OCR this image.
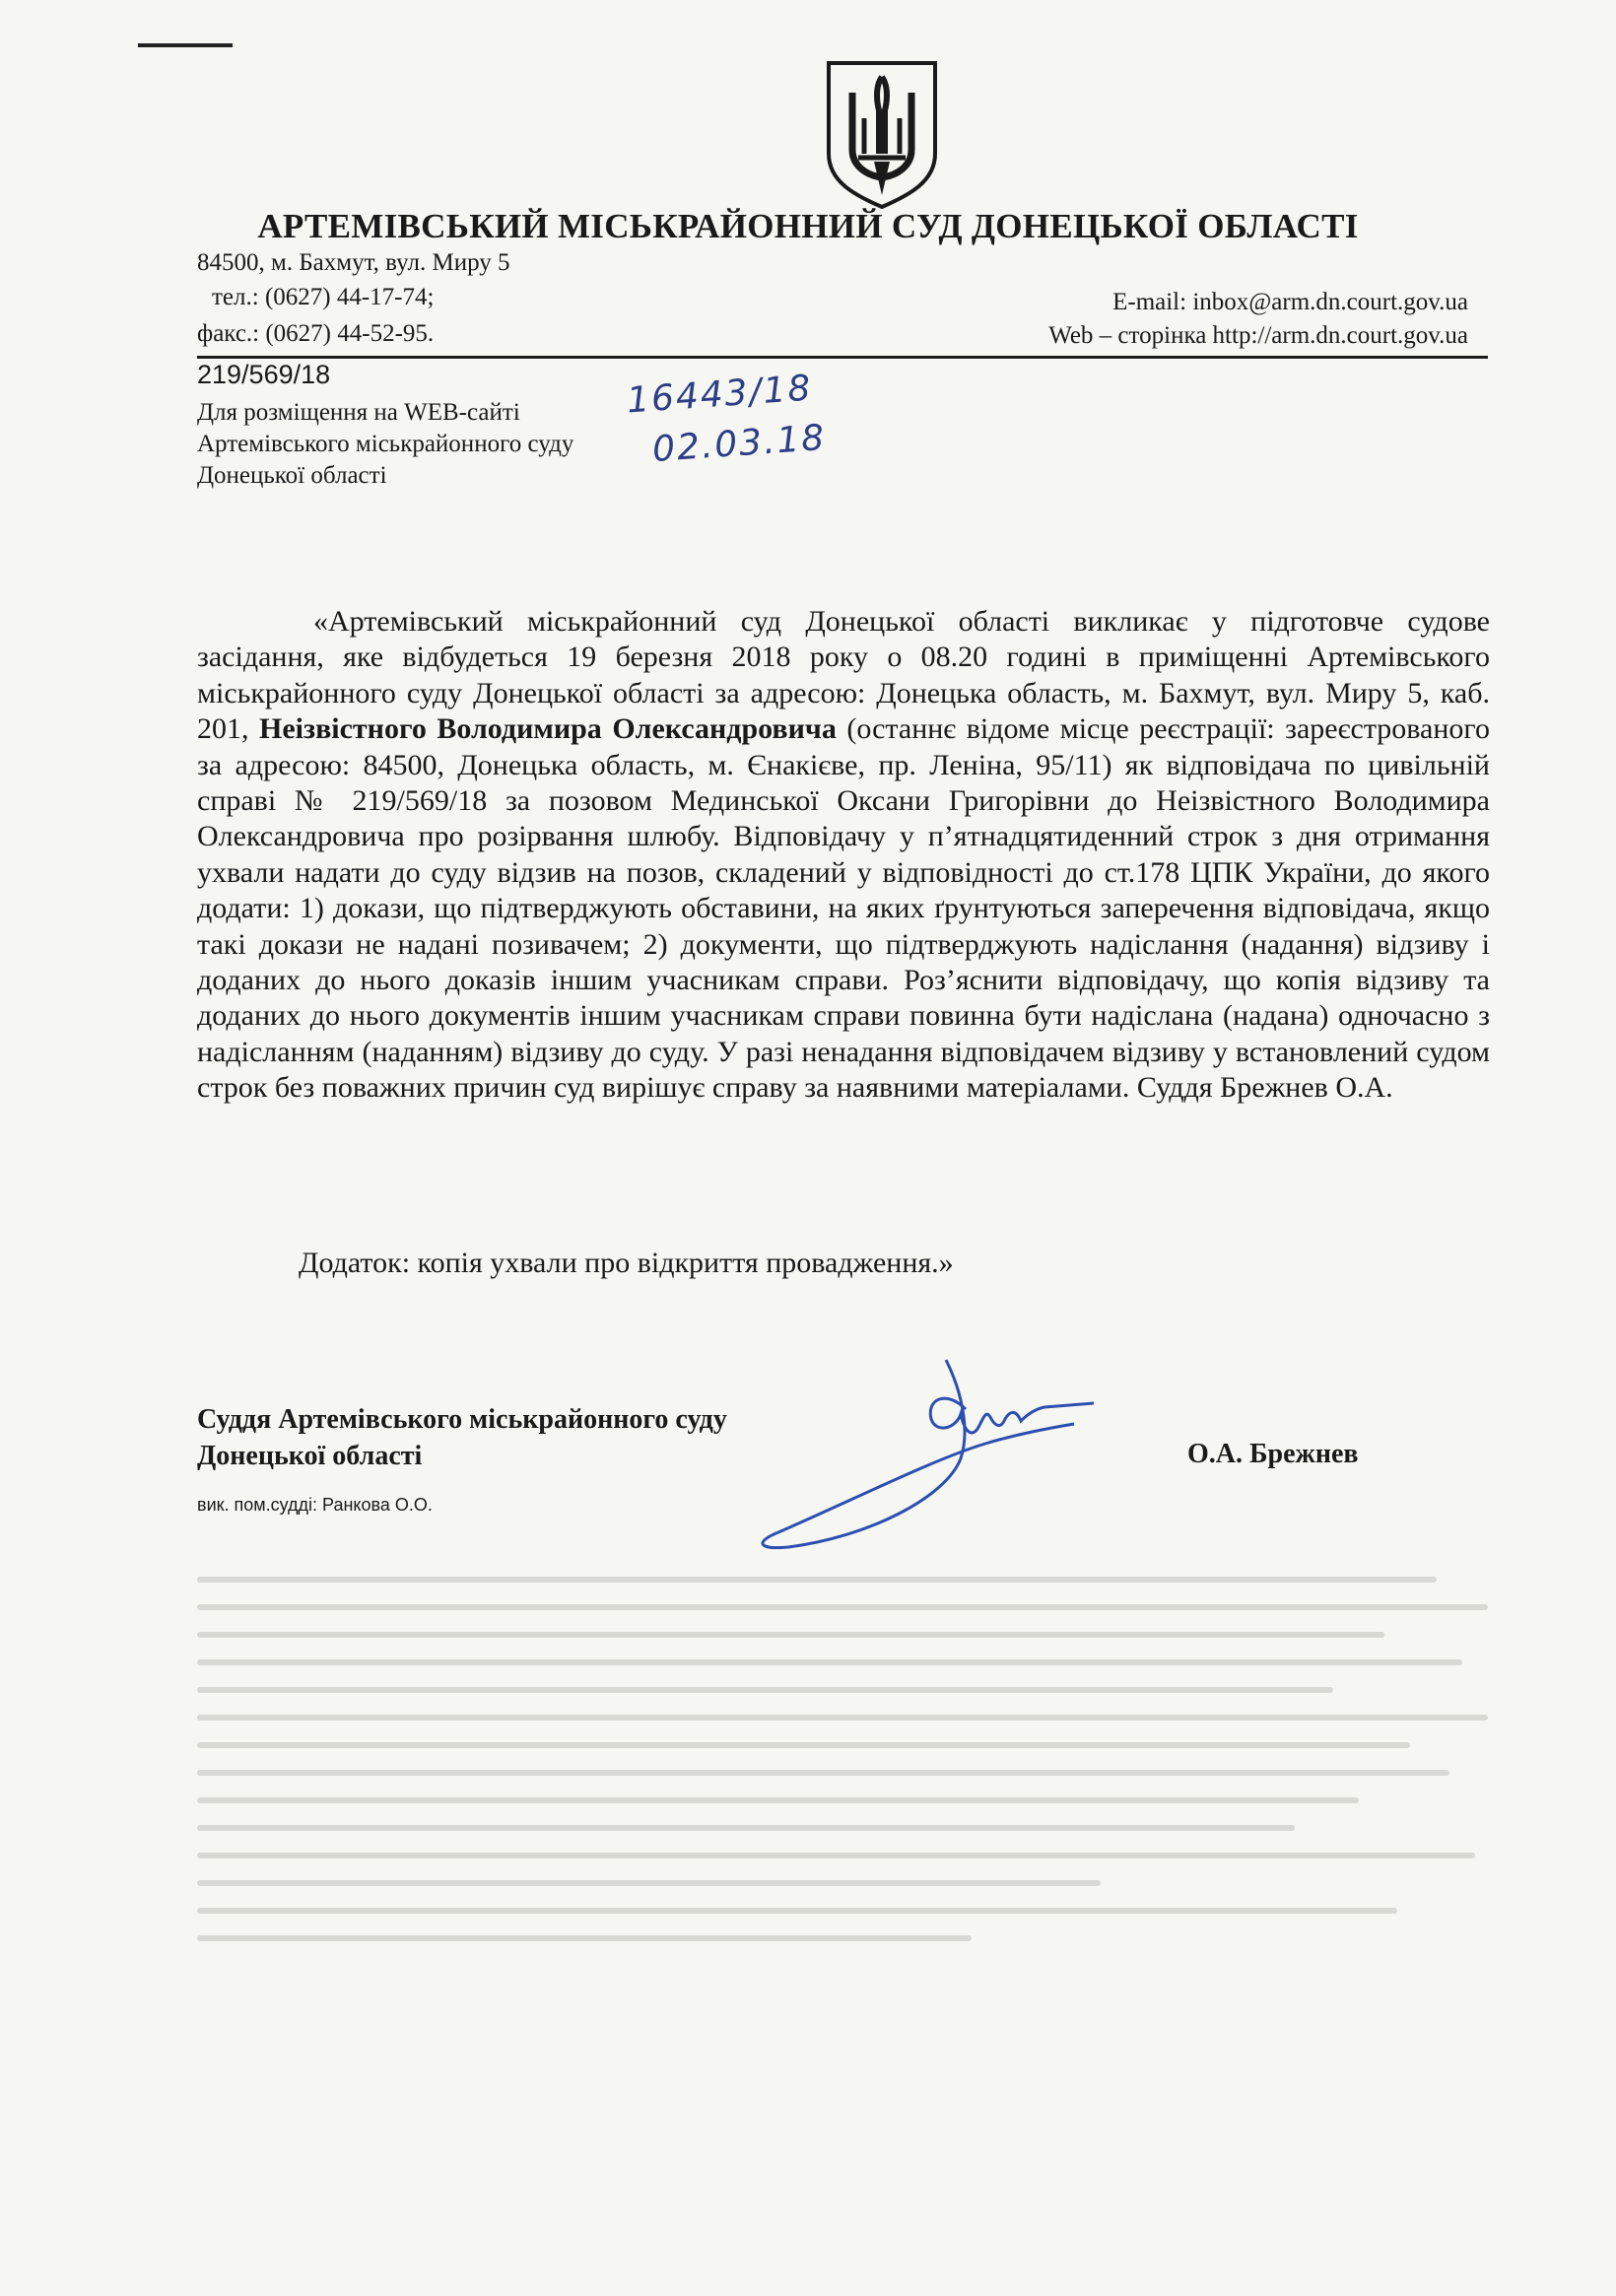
АРТЕМІВСЬКИЙ МІСЬКРАЙОННИЙ СУД ДОНЕЦЬКОЇ ОБЛАСТІ
84500, м. Бахмут, вул. Миру 5
тел.: (0627) 44-17-74;
факс.: (0627) 44-52-95.
E-mail: inbox@arm.dn.court.gov.ua
Web – сторінка http://arm.dn.court.gov.ua
219/569/18
Для розміщення на WEB-сайті Артемівського міськрайонного суду Донецької області
16443/18
02.03.18

«Артемівський міськрайонний суд Донецької області викликає у підготовче судове засідання, яке відбудеться 19 березня 2018 року о 08.20 годині в приміщенні Артемівського міськрайонного суду Донецької області за адресою: Донецька область, м. Бахмут, вул. Миру 5, каб. 201, Неізвістного Володимира Олександровича (останнє відоме місце реєстрації: зареєстрованого за адресою: 84500, Донецька область, м. Єнакієве, пр. Леніна, 95/11) як відповідача по цивільній справі № 219/569/18 за позовом Мединської Оксани Григорівни до Неізвістного Володимира Олександровича про розірвання шлюбу. Відповідачу у п’ятнадцятиденний строк з дня отримання ухвали надати до суду відзив на позов, складений у відповідності до ст.178 ЦПК України, до якого додати: 1) докази, що підтверджують обставини, на яких ґрунтуються заперечення відповідача, якщо такі докази не надані позивачем; 2) документи, що підтверджують надіслання (надання) відзиву і доданих до нього доказів іншим учасникам справи. Роз’яснити відповідачу, що копія відзиву та доданих до нього документів іншим учасникам справи повинна бути надіслана (надана) одночасно з надісланням (наданням) відзиву до суду. У разі ненадання відповідачем відзиву у встановлений судом строк без поважних причин суд вирішує справу за наявними матеріалами. Суддя Брежнев О.А.

Додаток: копія ухвали про відкриття провадження.»

Суддя Артемівського міськрайонного суду
Донецької області	О.А. Брежнев

вик. пом.судді: Ранкова О.О.
